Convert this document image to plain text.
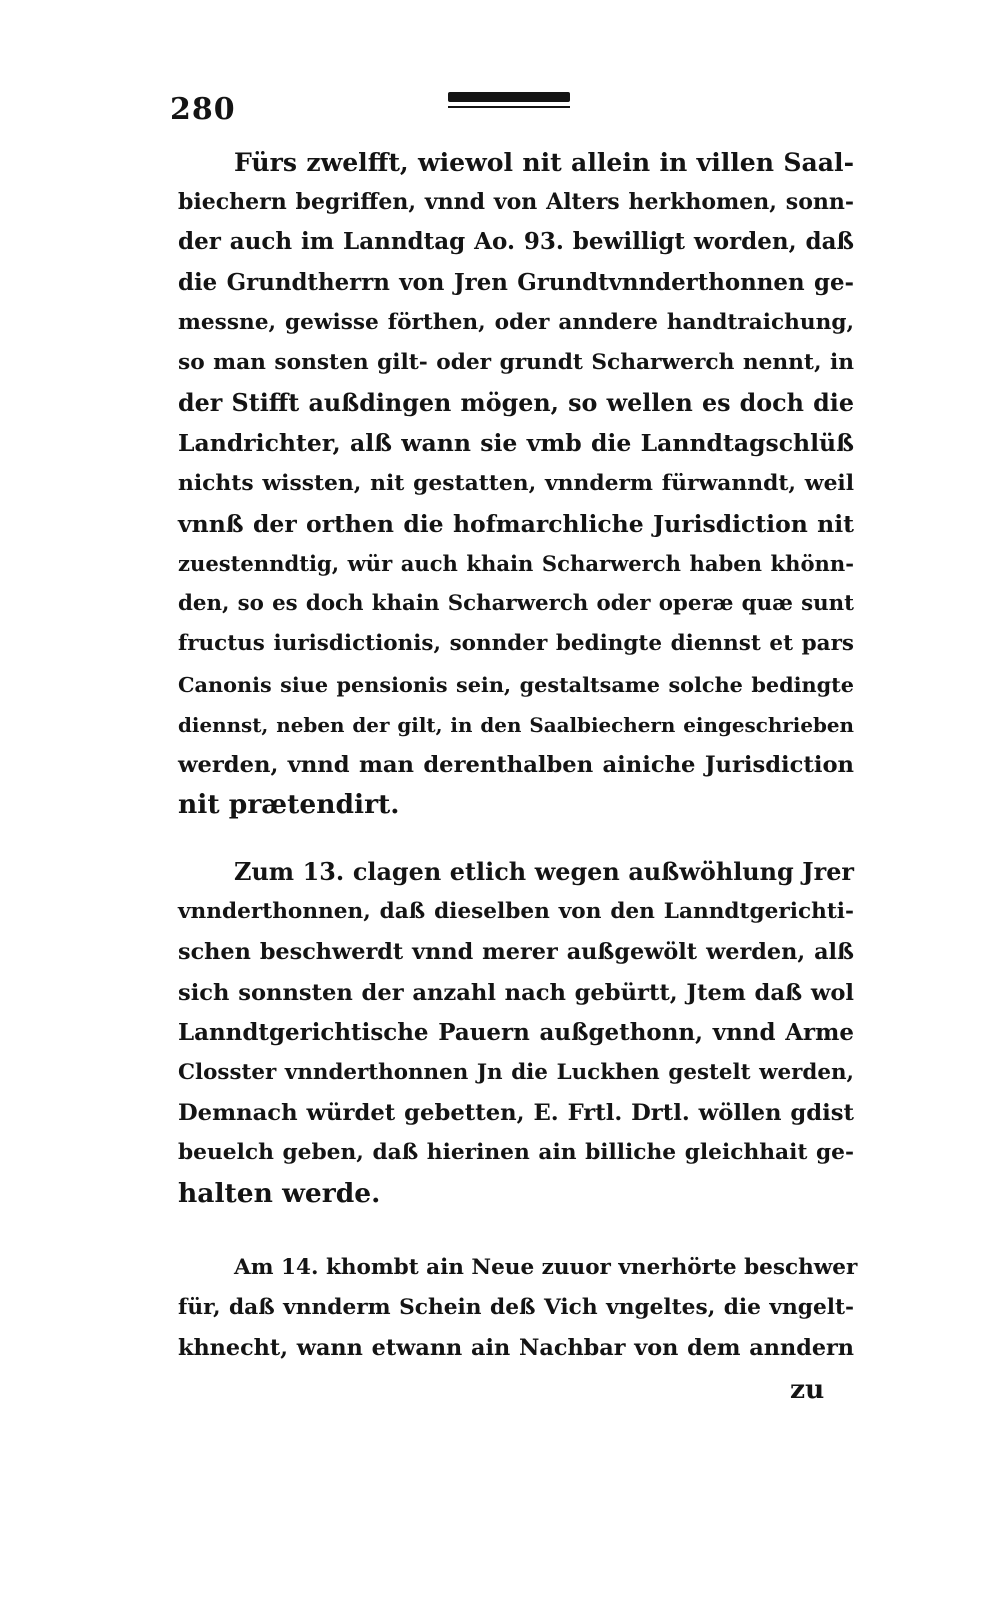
280
Fürs zwelfft, wiewol nit allein in villen Saal-
biechern begriffen, vnnd von Alters herkhomen, sonn-
der auch im Lanndtag Ao. 93. bewilligt worden, daß
die Grundtherrn von Jren Grundtvnnderthonnen ge-
messne, gewisse förthen, oder anndere handtraichung,
so man sonsten gilt- oder grundt Scharwerch nennt, in
der Stifft außdingen mögen, so wellen es doch die
Landrichter, alß wann sie vmb die Lanndtagschlüß
nichts wissten, nit gestatten, vnnderm fürwanndt, weil
vnnß der orthen die hofmarchliche Jurisdiction nit
zuestenndtig, wür auch khain Scharwerch haben khönn-
den, so es doch khain Scharwerch oder operæ quæ sunt
fructus iurisdictionis, sonnder bedingte diennst et pars
Canonis siue pensionis sein, gestaltsame solche bedingte
diennst, neben der gilt, in den Saalbiechern eingeschrieben
werden, vnnd man derenthalben ainiche Jurisdiction
nit prætendirt.
Zum 13. clagen etlich wegen außwöhlung Jrer
vnnderthonnen, daß dieselben von den Lanndtgerichti-
schen beschwerdt vnnd merer außgewölt werden, alß
sich sonnsten der anzahl nach gebürtt, Jtem daß wol
Lanndtgerichtische Pauern außgethonn, vnnd Arme
Closster vnnderthonnen Jn die Luckhen gestelt werden,
Demnach würdet gebetten, E. Frtl. Drtl. wöllen gdist
beuelch geben, daß hierinen ain billiche gleichhait ge-
halten werde.
Am 14. khombt ain Neue zuuor vnerhörte beschwer
für, daß vnnderm Schein deß Vich vngeltes, die vngelt-
khnecht, wann etwann ain Nachbar von dem anndern
zu
